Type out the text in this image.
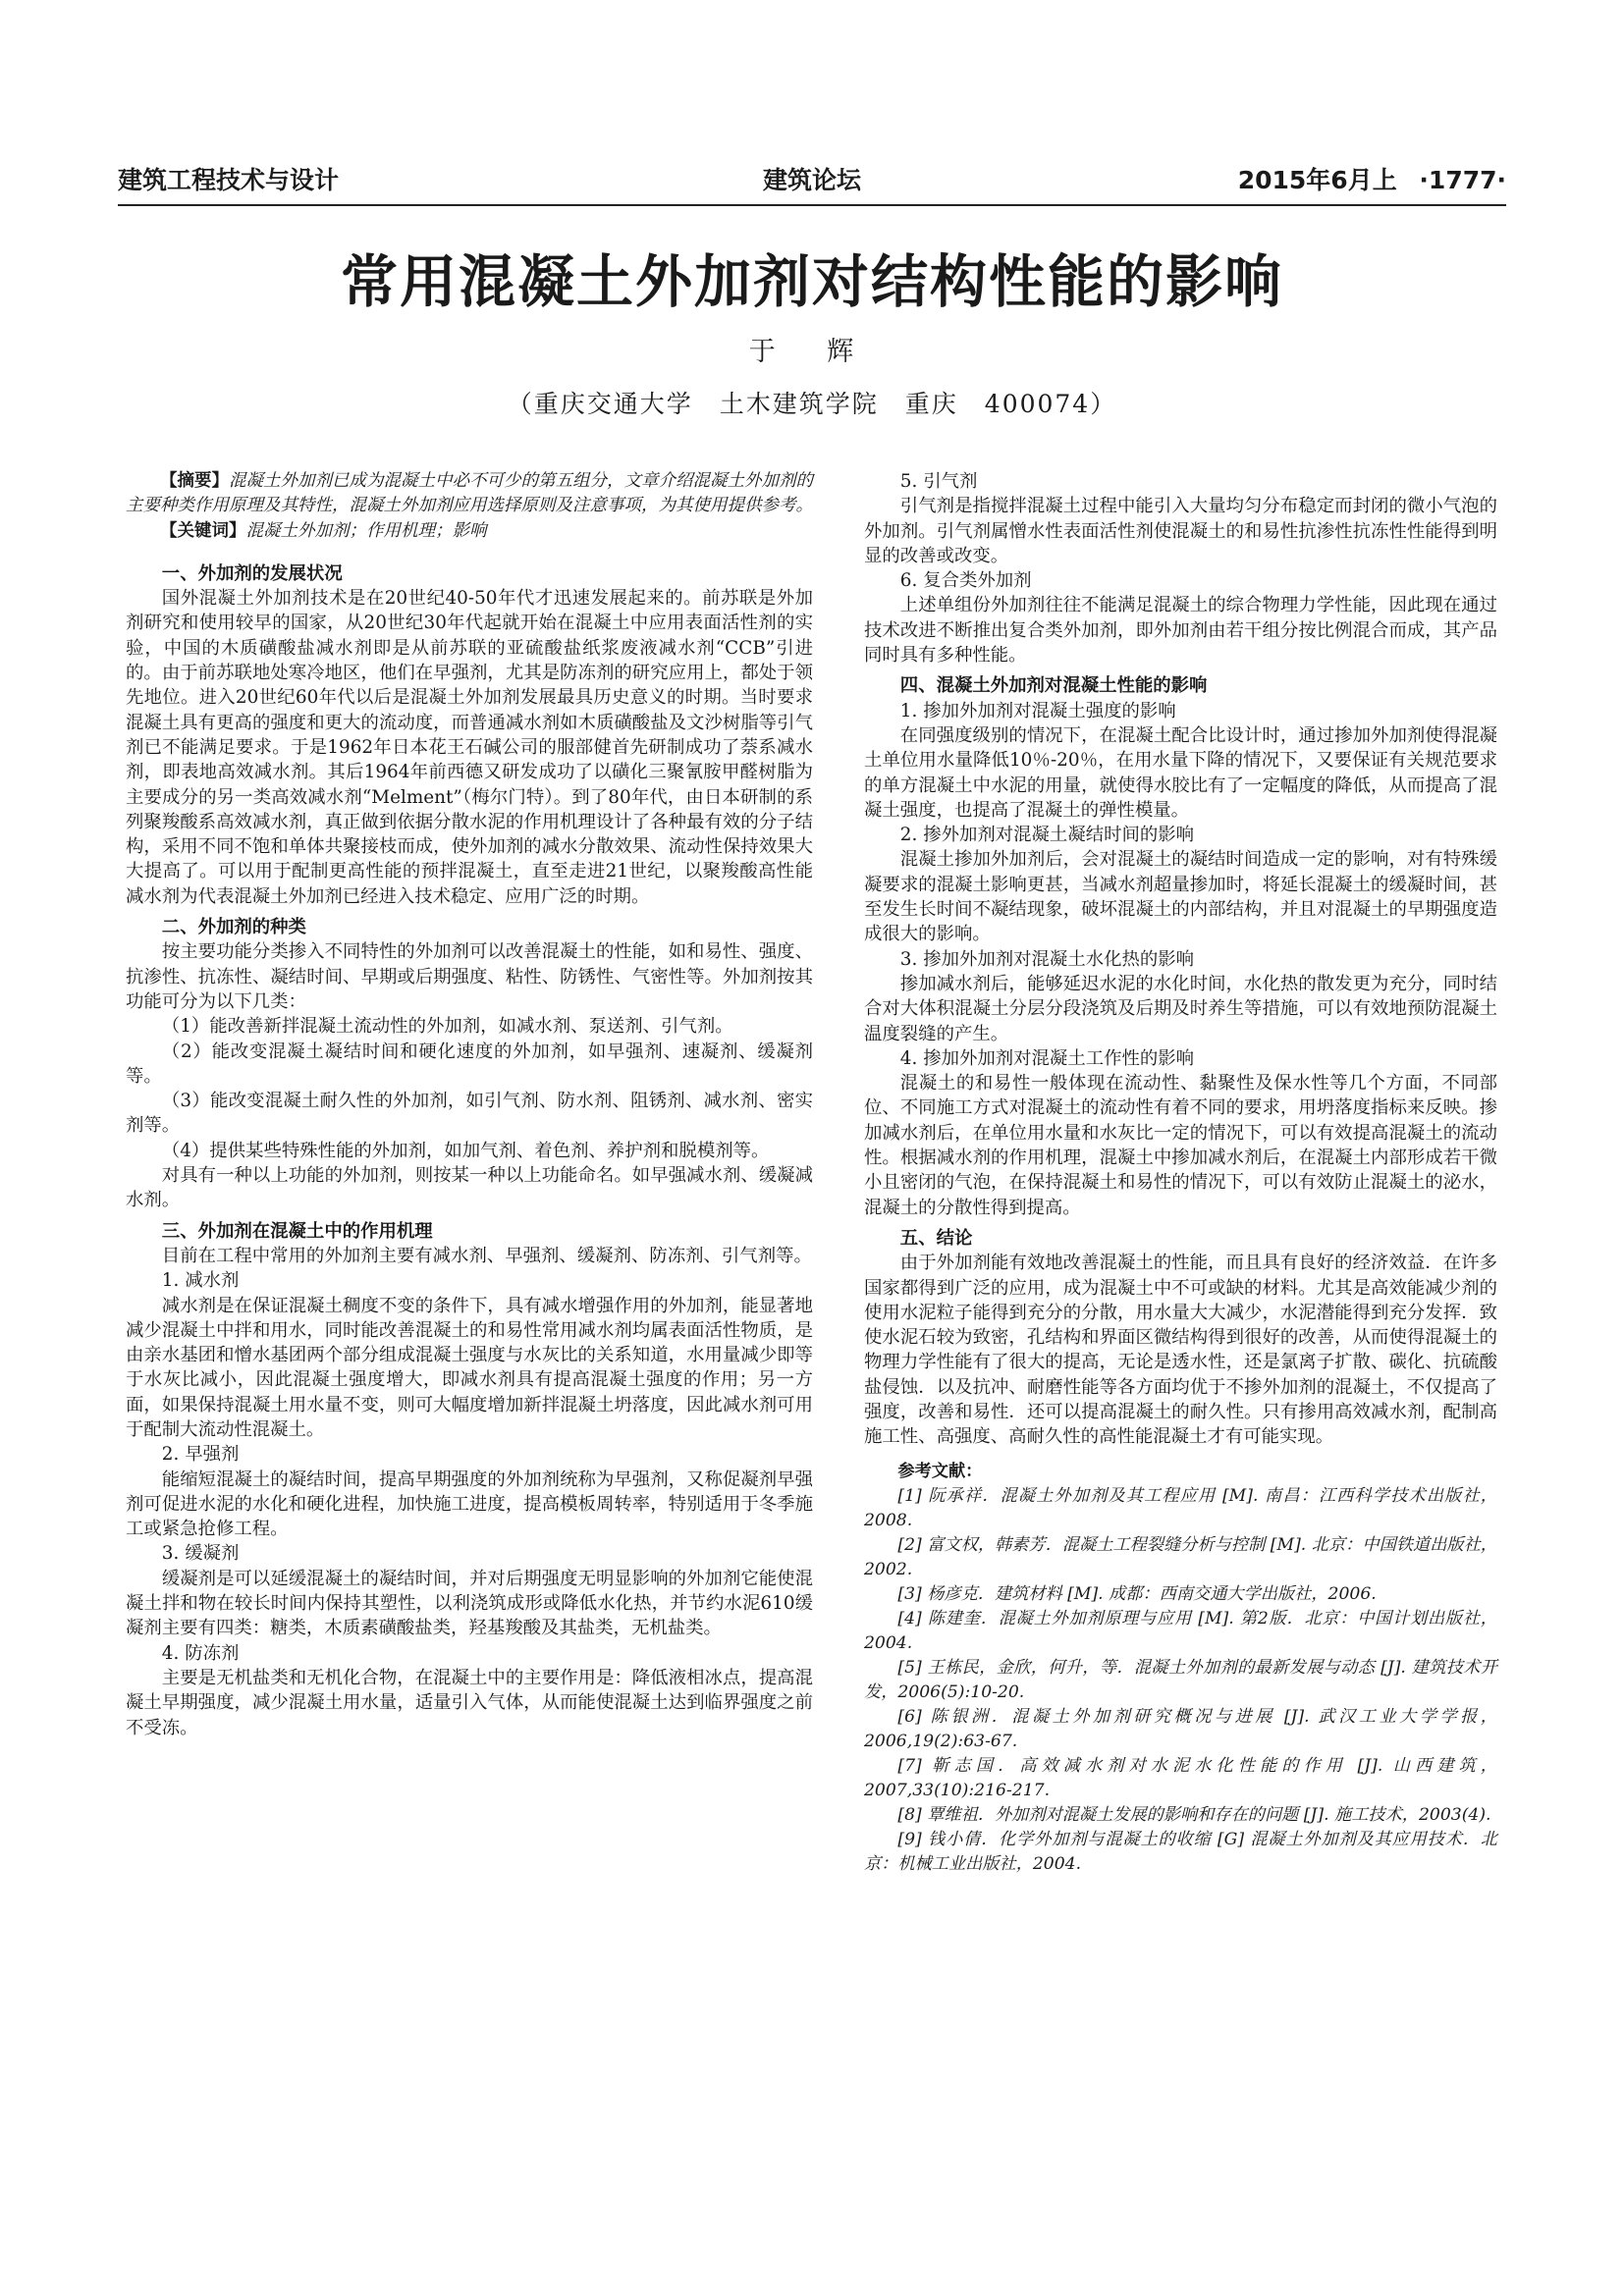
建筑工程技术与设计	建筑论坛	2015年6月上 ·1777·
常用混凝土外加剂对结构性能的影响
于 辉
（重庆交通大学　土木建筑学院　重庆　400074）

【摘要】混凝土外加剂已成为混凝土中必不可少的第五组分，文章介绍混凝土外加剂的主要种类作用原理及其特性，混凝土外加剂应用选择原则及注意事项，为其使用提供参考。

【关键词】混凝土外加剂；作用机理；影响

一、外加剂的发展状况

国外混凝土外加剂技术是在20世纪40-50年代才迅速发展起来的。前苏联是外加剂研究和使用较早的国家，从20世纪30年代起就开始在混凝土中应用表面活性剂的实验，中国的木质磺酸盐减水剂即是从前苏联的亚硫酸盐纸浆废液减水剂“CCB”引进的。由于前苏联地处寒冷地区，他们在早强剂，尤其是防冻剂的研究应用上，都处于领先地位。进入20世纪60年代以后是混凝土外加剂发展最具历史意义的时期。当时要求混凝土具有更高的强度和更大的流动度，而普通减水剂如木质磺酸盐及文沙树脂等引气剂已不能满足要求。于是1962年日本花王石碱公司的服部健首先研制成功了萘系减水剂，即表地高效减水剂。其后1964年前西德又研发成功了以磺化三聚氰胺甲醛树脂为主要成分的另一类高效减水剂“Melment”（梅尔门特）。到了80年代，由日本研制的系列聚羧酸系高效减水剂，真正做到依据分散水泥的作用机理设计了各种最有效的分子结构，采用不同不饱和单体共聚接枝而成，使外加剂的减水分散效果、流动性保持效果大大提高了。可以用于配制更高性能的预拌混凝土，直至走进21世纪，以聚羧酸高性能减水剂为代表混凝土外加剂已经进入技术稳定、应用广泛的时期。

二、外加剂的种类

按主要功能分类掺入不同特性的外加剂可以改善混凝土的性能，如和易性、强度、抗渗性、抗冻性、凝结时间、早期或后期强度、粘性、防锈性、气密性等。外加剂按其功能可分为以下几类：

（1）能改善新拌混凝土流动性的外加剂，如减水剂、泵送剂、引气剂。

（2）能改变混凝土凝结时间和硬化速度的外加剂，如早强剂、速凝剂、缓凝剂等。

（3）能改变混凝土耐久性的外加剂，如引气剂、防水剂、阻锈剂、减水剂、密实剂等。

（4）提供某些特殊性能的外加剂，如加气剂、着色剂、养护剂和脱模剂等。

对具有一种以上功能的外加剂，则按某一种以上功能命名。如早强减水剂、缓凝减水剂。

三、外加剂在混凝土中的作用机理

目前在工程中常用的外加剂主要有减水剂、早强剂、缓凝剂、防冻剂、引气剂等。

1. 减水剂

减水剂是在保证混凝土稠度不变的条件下，具有减水增强作用的外加剂，能显著地减少混凝土中拌和用水，同时能改善混凝土的和易性常用减水剂均属表面活性物质，是由亲水基团和憎水基团两个部分组成混凝土强度与水灰比的关系知道，水用量减少即等于水灰比减小，因此混凝土强度增大，即减水剂具有提高混凝土强度的作用；另一方面，如果保持混凝土用水量不变，则可大幅度增加新拌混凝土坍落度，因此减水剂可用于配制大流动性混凝土。

2. 早强剂

能缩短混凝土的凝结时间，提高早期强度的外加剂统称为早强剂，又称促凝剂早强剂可促进水泥的水化和硬化进程，加快施工进度，提高模板周转率，特别适用于冬季施工或紧急抢修工程。

3. 缓凝剂

缓凝剂是可以延缓混凝土的凝结时间，并对后期强度无明显影响的外加剂它能使混凝土拌和物在较长时间内保持其塑性，以利浇筑成形或降低水化热，并节约水泥610缓凝剂主要有四类：糖类，木质素磺酸盐类，羟基羧酸及其盐类，无机盐类。

4. 防冻剂

主要是无机盐类和无机化合物，在混凝土中的主要作用是：降低液相冰点，提高混凝土早期强度，减少混凝土用水量，适量引入气体，从而能使混凝土达到临界强度之前不受冻。

5. 引气剂

引气剂是指搅拌混凝土过程中能引入大量均匀分布稳定而封闭的微小气泡的外加剂。引气剂属憎水性表面活性剂使混凝土的和易性抗渗性抗冻性性能得到明显的改善或改变。

6. 复合类外加剂

上述单组份外加剂往往不能满足混凝土的综合物理力学性能，因此现在通过技术改进不断推出复合类外加剂，即外加剂由若干组分按比例混合而成，其产品同时具有多种性能。

四、混凝土外加剂对混凝土性能的影响

1. 掺加外加剂对混凝土强度的影响

在同强度级别的情况下，在混凝土配合比设计时，通过掺加外加剂使得混凝土单位用水量降低10％-20％，在用水量下降的情况下，又要保证有关规范要求的单方混凝土中水泥的用量，就使得水胶比有了一定幅度的降低，从而提高了混凝土强度，也提高了混凝土的弹性模量。

2. 掺外加剂对混凝土凝结时间的影响

混凝土掺加外加剂后，会对混凝土的凝结时间造成一定的影响，对有特殊缓凝要求的混凝土影响更甚，当减水剂超量掺加时，将延长混凝土的缓凝时间，甚至发生长时间不凝结现象，破坏混凝土的内部结构，并且对混凝土的早期强度造成很大的影响。

3. 掺加外加剂对混凝土水化热的影响

掺加减水剂后，能够延迟水泥的水化时间，水化热的散发更为充分，同时结合对大体积混凝土分层分段浇筑及后期及时养生等措施，可以有效地预防混凝土温度裂缝的产生。

4. 掺加外加剂对混凝土工作性的影响

混凝土的和易性一般体现在流动性、黏聚性及保水性等几个方面，不同部位、不同施工方式对混凝土的流动性有着不同的要求，用坍落度指标来反映。掺加减水剂后，在单位用水量和水灰比一定的情况下，可以有效提高混凝土的流动性。根据减水剂的作用机理，混凝土中掺加减水剂后，在混凝土内部形成若干微小且密闭的气泡，在保持混凝土和易性的情况下，可以有效防止混凝土的泌水，混凝土的分散性得到提高。

五、结论

由于外加剂能有效地改善混凝土的性能，而且具有良好的经济效益．在许多国家都得到广泛的应用，成为混凝土中不可或缺的材料。尤其是高效能减少剂的使用水泥粒子能得到充分的分散，用水量大大减少，水泥潜能得到充分发挥．致使水泥石较为致密，孔结构和界面区微结构得到很好的改善，从而使得混凝土的物理力学性能有了很大的提高，无论是透水性，还是氯离子扩散、碳化、抗硫酸盐侵蚀．以及抗冲、耐磨性能等各方面均优于不掺外加剂的混凝土，不仅提高了强度，改善和易性．还可以提高混凝土的耐久性。只有掺用高效减水剂，配制高施工性、高强度、高耐久性的高性能混凝土才有可能实现。

参考文献：

[1] 阮承祥．混凝土外加剂及其工程应用 [M]. 南昌：江西科学技术出版社，2008.

[2] 富文权，韩素芳．混凝土工程裂缝分析与控制 [M]. 北京：中国铁道出版社，2002.

[3] 杨彦克．建筑材料 [M]. 成都：西南交通大学出版社，2006.

[4] 陈建奎．混凝土外加剂原理与应用 [M]. 第2版．北京：中国计划出版社，2004.

[5] 王栋民，金欣，何升，等．混凝土外加剂的最新发展与动态 [J]. 建筑技术开发，2006(5):10-20.

[6] 陈银洲．混凝土外加剂研究概况与进展 [J]. 武汉工业大学学报，2006,19(2):63-67.

[7] 靳志国．高效减水剂对水泥水化性能的作用 [J]. 山西建筑，2007,33(10):216-217.

[8] 覃维祖．外加剂对混凝土发展的影响和存在的问题 [J]. 施工技术，2003(4).

[9] 钱小倩．化学外加剂与混凝土的收缩 [G] 混凝土外加剂及其应用技术．北京：机械工业出版社，2004.
